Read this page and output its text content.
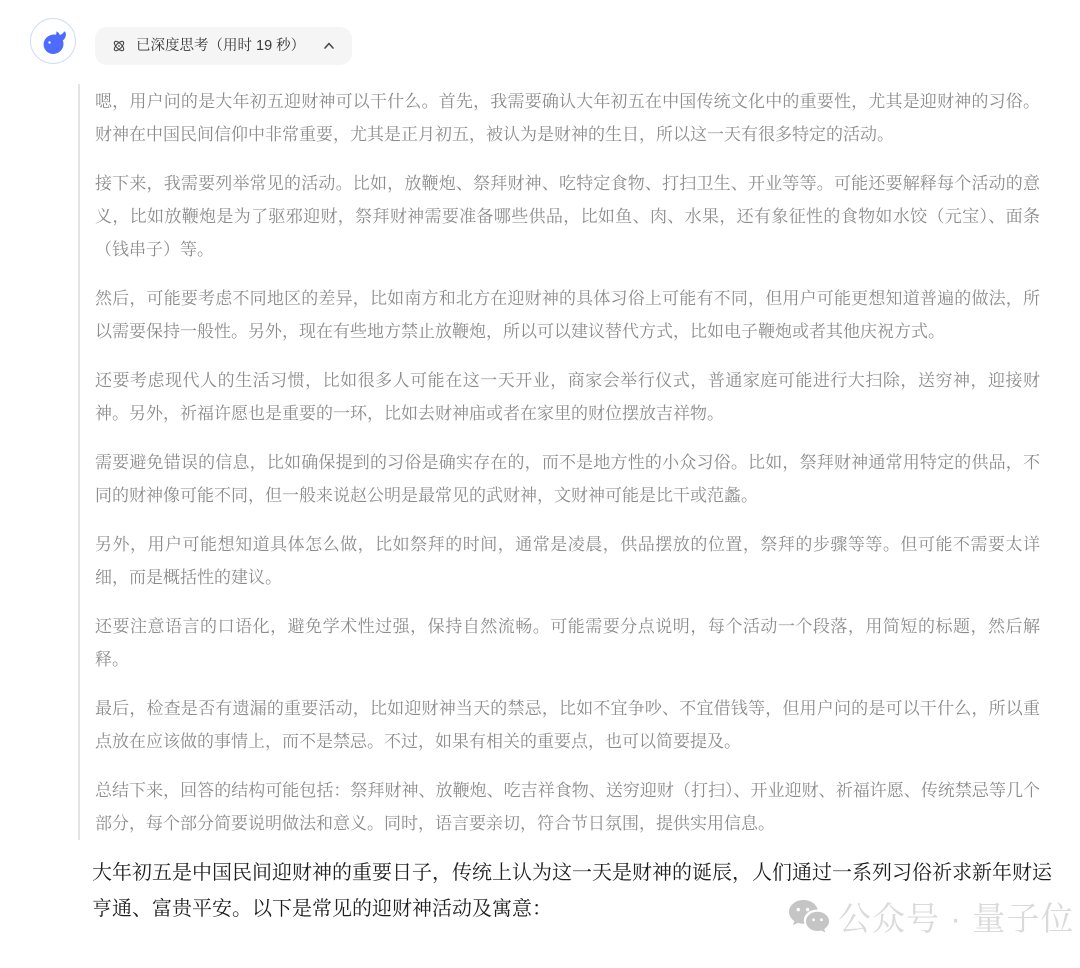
已深度思考（用时 19 秒）

嗯，用户问的是大年初五迎财神可以干什么。首先，我需要确认大年初五在中国传统文化中的重要性，尤其是迎财神的习俗。财神在中国民间信仰中非常重要，尤其是正月初五，被认为是财神的生日，所以这一天有很多特定的活动。

接下来，我需要列举常见的活动。比如，放鞭炮、祭拜财神、吃特定食物、打扫卫生、开业等等。可能还要解释每个活动的意义，比如放鞭炮是为了驱邪迎财，祭拜财神需要准备哪些供品，比如鱼、肉、水果，还有象征性的食物如水饺（元宝）、面条（钱串子）等。

然后，可能要考虑不同地区的差异，比如南方和北方在迎财神的具体习俗上可能有不同，但用户可能更想知道普遍的做法，所以需要保持一般性。另外，现在有些地方禁止放鞭炮，所以可以建议替代方式，比如电子鞭炮或者其他庆祝方式。

还要考虑现代人的生活习惯，比如很多人可能在这一天开业，商家会举行仪式，普通家庭可能进行大扫除，送穷神，迎接财神。另外，祈福许愿也是重要的一环，比如去财神庙或者在家里的财位摆放吉祥物。

需要避免错误的信息，比如确保提到的习俗是确实存在的，而不是地方性的小众习俗。比如，祭拜财神通常用特定的供品，不同的财神像可能不同，但一般来说赵公明是最常见的武财神，文财神可能是比干或范蠡。

另外，用户可能想知道具体怎么做，比如祭拜的时间，通常是凌晨，供品摆放的位置，祭拜的步骤等等。但可能不需要太详细，而是概括性的建议。

还要注意语言的口语化，避免学术性过强，保持自然流畅。可能需要分点说明，每个活动一个段落，用简短的标题，然后解释。

最后，检查是否有遗漏的重要活动，比如迎财神当天的禁忌，比如不宜争吵、不宜借钱等，但用户问的是可以干什么，所以重点放在应该做的事情上，而不是禁忌。不过，如果有相关的重要点，也可以简要提及。

总结下来，回答的结构可能包括：祭拜财神、放鞭炮、吃吉祥食物、送穷迎财（打扫）、开业迎财、祈福许愿、传统禁忌等几个部分，每个部分简要说明做法和意义。同时，语言要亲切，符合节日氛围，提供实用信息。

大年初五是中国民间迎财神的重要日子，传统上认为这一天是财神的诞辰，人们通过一系列习俗祈求新年财运亨通、富贵平安。以下是常见的迎财神活动及寓意：	公众号 · 量子位
